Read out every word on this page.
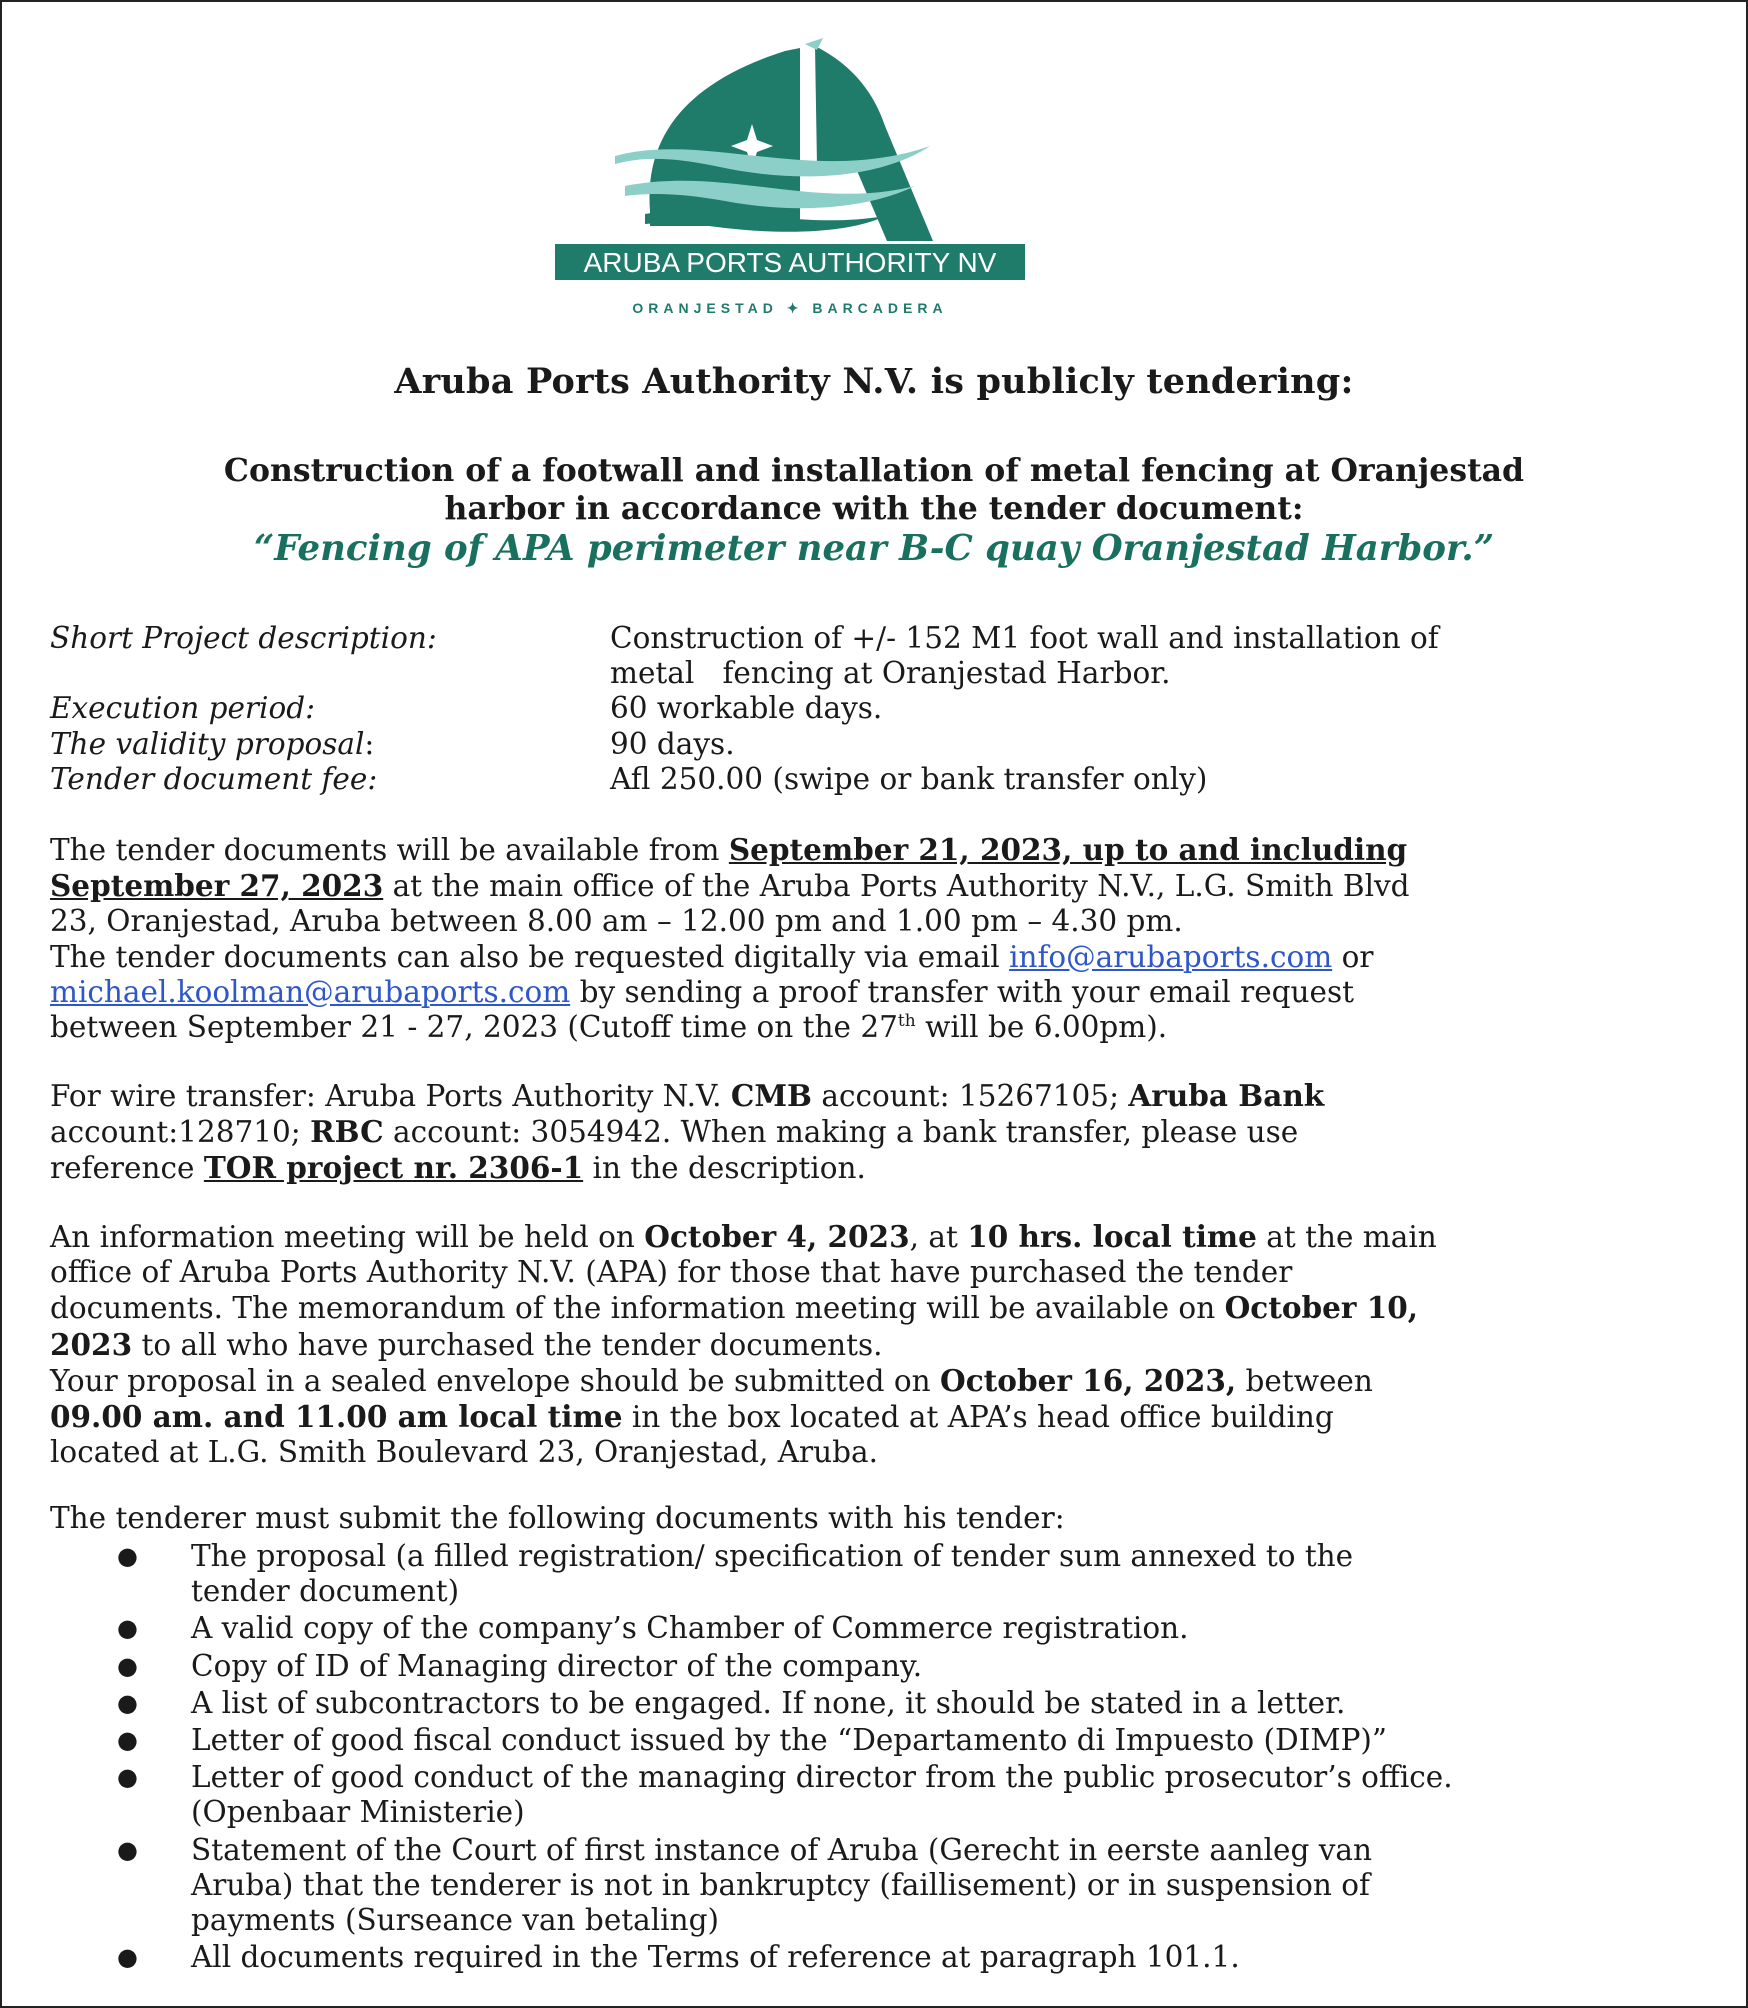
ARUBA PORTS AUTHORITY NV
ORANJESTAD ✦ BARCADERA
Aruba Ports Authority N.V. is publicly tendering:
Construction of a footwall and installation of metal fencing at Oranjestad
harbor in accordance with the tender document:
“Fencing of APA perimeter near B-C quay Oranjestad Harbor.”
Short Project description:	Construction of +/- 152 M1 foot wall and installation of
metal   fencing at Oranjestad Harbor.
Execution period:	60 workable days.
The validity proposal:	90 days.
Tender document fee:	Afl 250.00 (swipe or bank transfer only)
The tender documents will be available from September 21, 2023, up to and including
September 27, 2023 at the main office of the Aruba Ports Authority N.V., L.G. Smith Blvd
23, Oranjestad, Aruba between 8.00 am – 12.00 pm and 1.00 pm – 4.30 pm.
The tender documents can also be requested digitally via email info@arubaports.com or
michael.koolman@arubaports.com by sending a proof transfer with your email request
between September 21 - 27, 2023 (Cutoff time on the 27th will be 6.00pm).
For wire transfer: Aruba Ports Authority N.V. CMB account: 15267105; Aruba Bank
account:128710; RBC account: 3054942. When making a bank transfer, please use
reference TOR project nr. 2306-1 in the description.
An information meeting will be held on October 4, 2023, at 10 hrs. local time at the main
office of Aruba Ports Authority N.V. (APA) for those that have purchased the tender
documents. The memorandum of the information meeting will be available on October 10,
2023 to all who have purchased the tender documents.
Your proposal in a sealed envelope should be submitted on October 16, 2023, between
09.00 am. and 11.00 am local time in the box located at APA’s head office building
located at L.G. Smith Boulevard 23, Oranjestad, Aruba.
The tenderer must submit the following documents with his tender:
● The proposal (a filled registration/ specification of tender sum annexed to the
tender document)
● A valid copy of the company’s Chamber of Commerce registration.
● Copy of ID of Managing director of the company.
● A list of subcontractors to be engaged. If none, it should be stated in a letter.
● Letter of good fiscal conduct issued by the “Departamento di Impuesto (DIMP)”
● Letter of good conduct of the managing director from the public prosecutor’s office.
(Openbaar Ministerie)
● Statement of the Court of first instance of Aruba (Gerecht in eerste aanleg van
Aruba) that the tenderer is not in bankruptcy (faillisement) or in suspension of
payments (Surseance van betaling)
● All documents required in the Terms of reference at paragraph 101.1.
